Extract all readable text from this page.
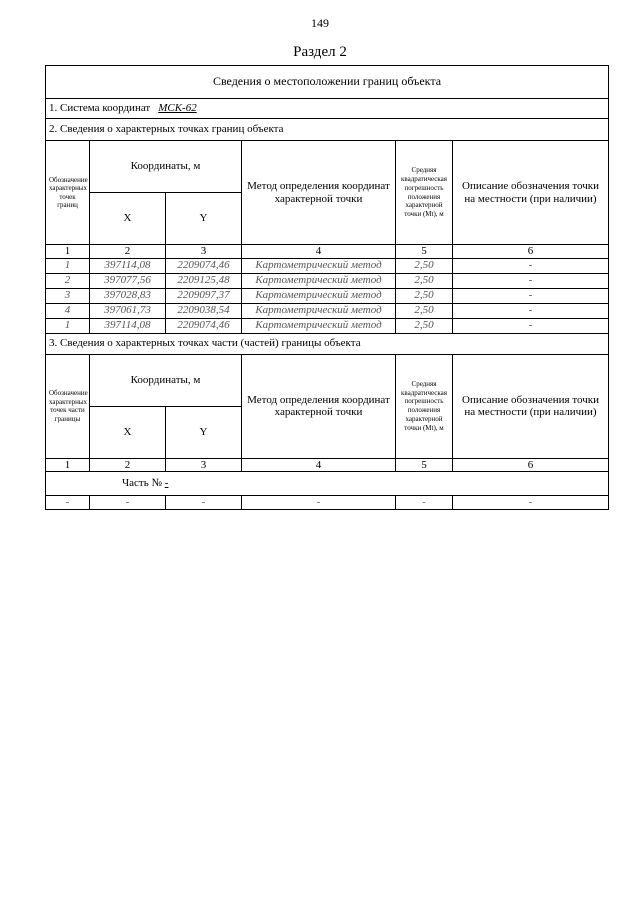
149
Раздел 2
Сведения о местоположении границ объекта					
1. Система координат МСК-62					
2. Сведения о характерных точках границ объекта					
Обозначение характерных точек границ	Координаты, м		Метод определения координат характерной точки	Средняя квадратическая погрешность положения характерной точки (Mt), м	Описание обозначения точки на местности (при наличии)
	X	Y			
1	2	3	4	5	6
1	397114,08	2209074,46	Картометрический метод	2,50	-
2	397077,56	2209125,48	Картометрический метод	2,50	-
3	397028,83	2209097,37	Картометрический метод	2,50	-
4	397061,73	2209038,54	Картометрический метод	2,50	-
1	397114,08	2209074,46	Картометрический метод	2,50	-
3. Сведения о характерных точках части (частей) границы объекта					
Обозначение характерных точек части границы	Координаты, м		Метод определения координат характерной точки	Средняя квадратическая погрешность положения характерной точки (Mt), м	Описание обозначения точки на местности (при наличии)
	X	Y			
1	2	3	4	5	6
Часть № -					
-	-	-	-	-	-
